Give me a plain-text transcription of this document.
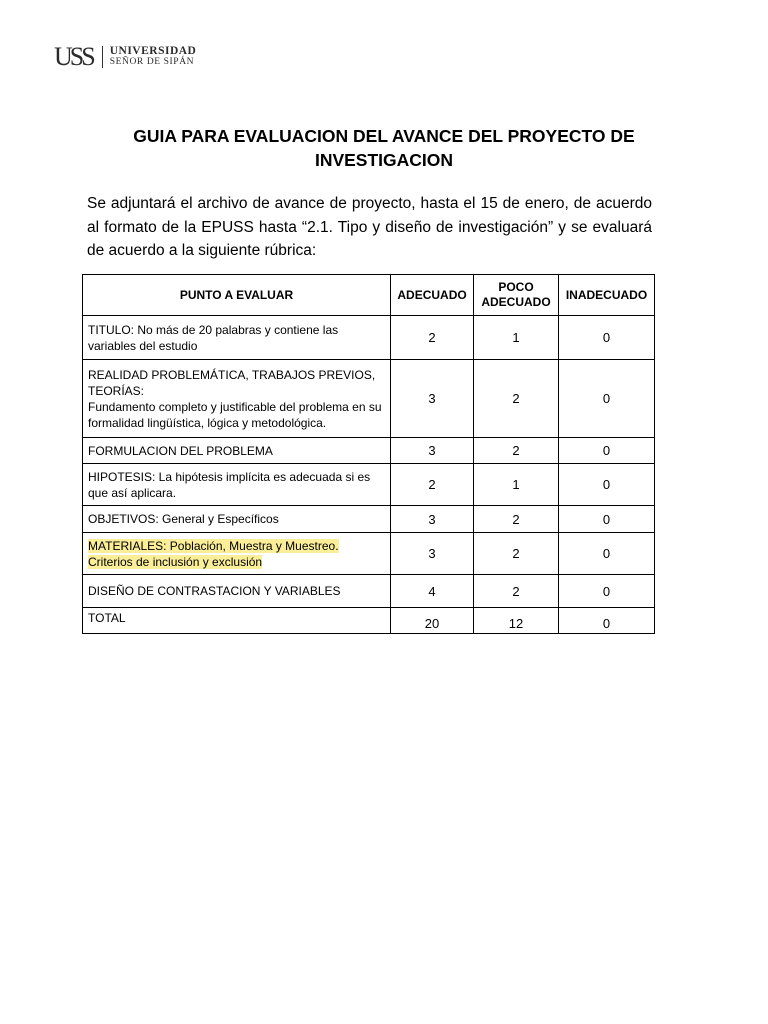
USS UNIVERSIDAD
SEÑOR DE SIPÁN
GUIA PARA EVALUACION DEL AVANCE DEL PROYECTO DE INVESTIGACION
Se adjuntará el archivo de avance de proyecto, hasta el 15 de enero, de acuerdo al formato de la EPUSS hasta “2.1. Tipo y diseño de investigación” y se evaluará de acuerdo a la siguiente rúbrica:
PUNTO A EVALUAR	ADECUADO	POCO ADECUADO	INADECUADO
TITULO: No más de 20 palabras y contiene las variables del estudio	2	1	0

REALIDAD PROBLEMÁTICA, TRABAJOS PREVIOS, TEORÍAS:
Fundamento completo y justificable del problema en su formalidad lingüística, lógica y metodológica.	3	2	0
FORMULACION DEL PROBLEMA	3	2	0
HIPOTESIS: La hipótesis implícita es adecuada si es que así aplicara.	2	1	0
OBJETIVOS: General y Específicos	3	2	0
MATERIALES: Población, Muestra y Muestreo. Criterios de inclusión y exclusión	3	2	0
DISEÑO DE CONTRASTACION Y VARIABLES	4	2	0
TOTAL	20	12	0
